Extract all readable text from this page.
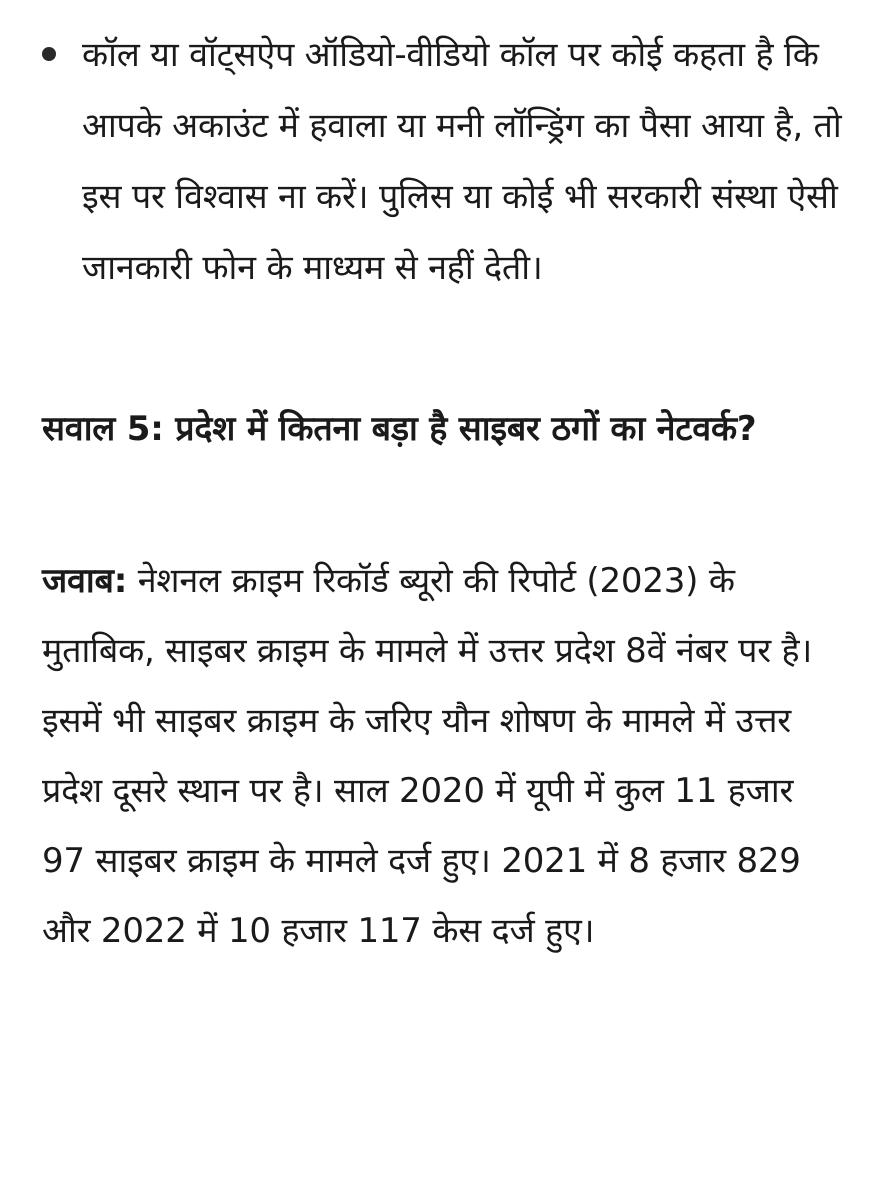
कॉल या वॉट्सऐप ऑडियो-वीडियो कॉल पर कोई कहता है कि आपके अकाउंट में हवाला या मनी लॉन्ड्रिंग का पैसा आया है, तो इस पर विश्वास ना करें। पुलिस या कोई भी सरकारी संस्था ऐसी जानकारी फोन के माध्यम से नहीं देती।
सवाल 5: प्रदेश में कितना बड़ा है साइबर ठगों का नेटवर्क?

जवाब: नेशनल क्राइम रिकॉर्ड ब्यूरो की रिपोर्ट (2023) के मुताबिक, साइबर क्राइम के मामले में उत्तर प्रदेश 8वें नंबर पर है। इसमें भी साइबर क्राइम के जरिए यौन शोषण के मामले में उत्तर प्रदेश दूसरे स्थान पर है। साल 2020 में यूपी में कुल 11 हजार 97 साइबर क्राइम के मामले दर्ज हुए। 2021 में 8 हजार 829 और 2022 में 10 हजार 117 केस दर्ज हुए।
